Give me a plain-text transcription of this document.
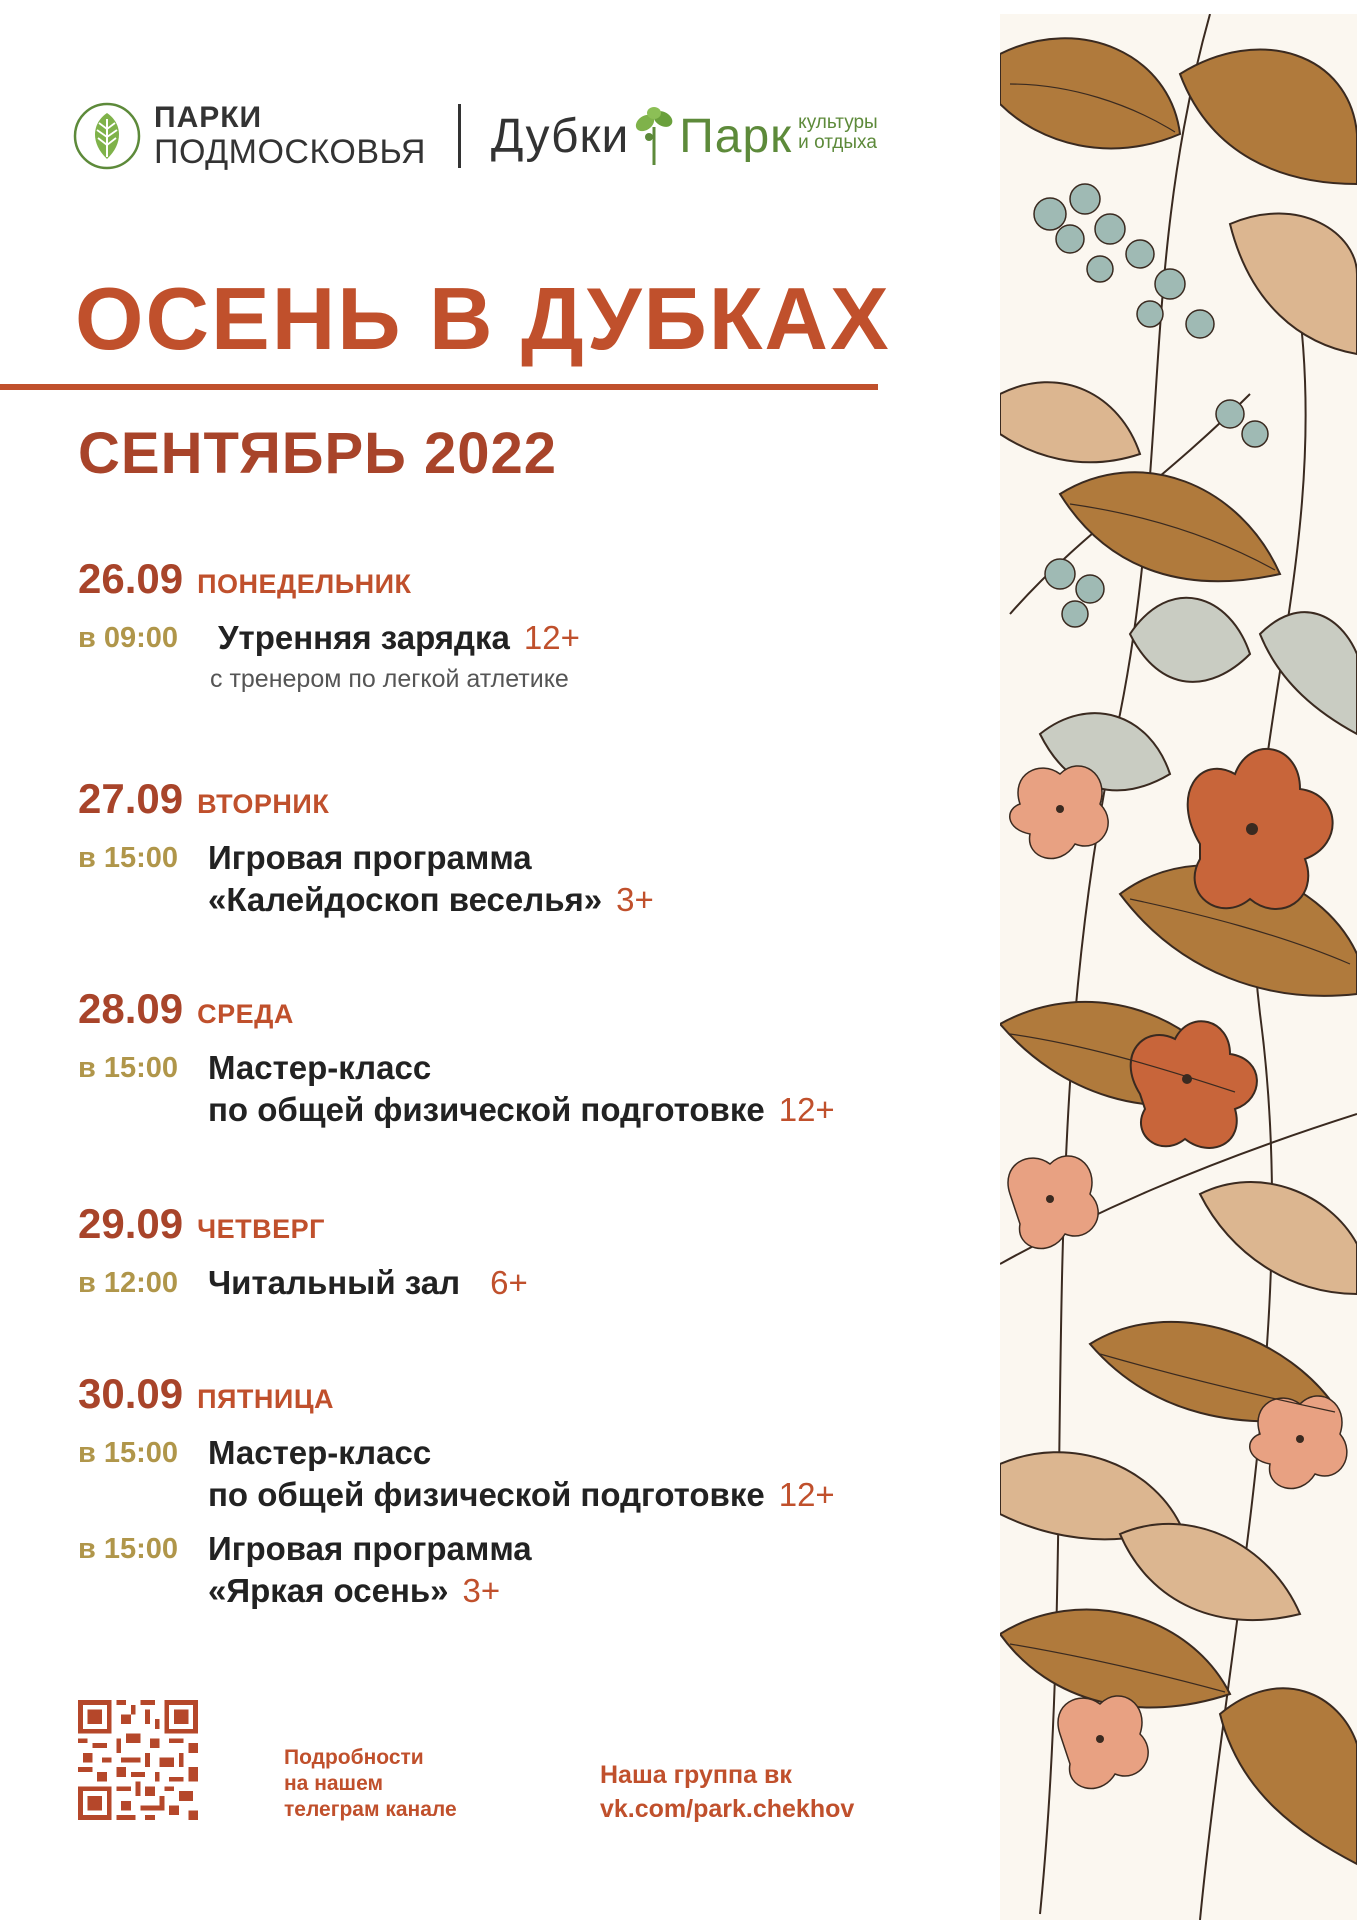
ПАРКИ
ПОДМОСКОВЬЯ Дубки Парк культуры
и отдыха
ОСЕНЬ В ДУБКАХ
СЕНТЯБРЬ 2022
26.09 ПОНЕДЕЛЬНИК
в 09:00	Утренняя зарядка 12+
с тренером по легкой атлетике
27.09 ВТОРНИК
в 15:00 Игровая программа
«Калейдоскоп веселья» 3+
28.09 СРЕДА
в 15:00 Мастер-класс
по общей физической подготовке 12+
29.09 ЧЕТВЕРГ
в 12:00 Читальный зал 6+
30.09 ПЯТНИЦА
в 15:00 Мастер-класс
по общей физической подготовке 12+
в 15:00 Игровая программа
«Яркая осень» 3+
Подробности
на нашем
телеграм канале
Наша группа вк
vk.com/park.chekhov
